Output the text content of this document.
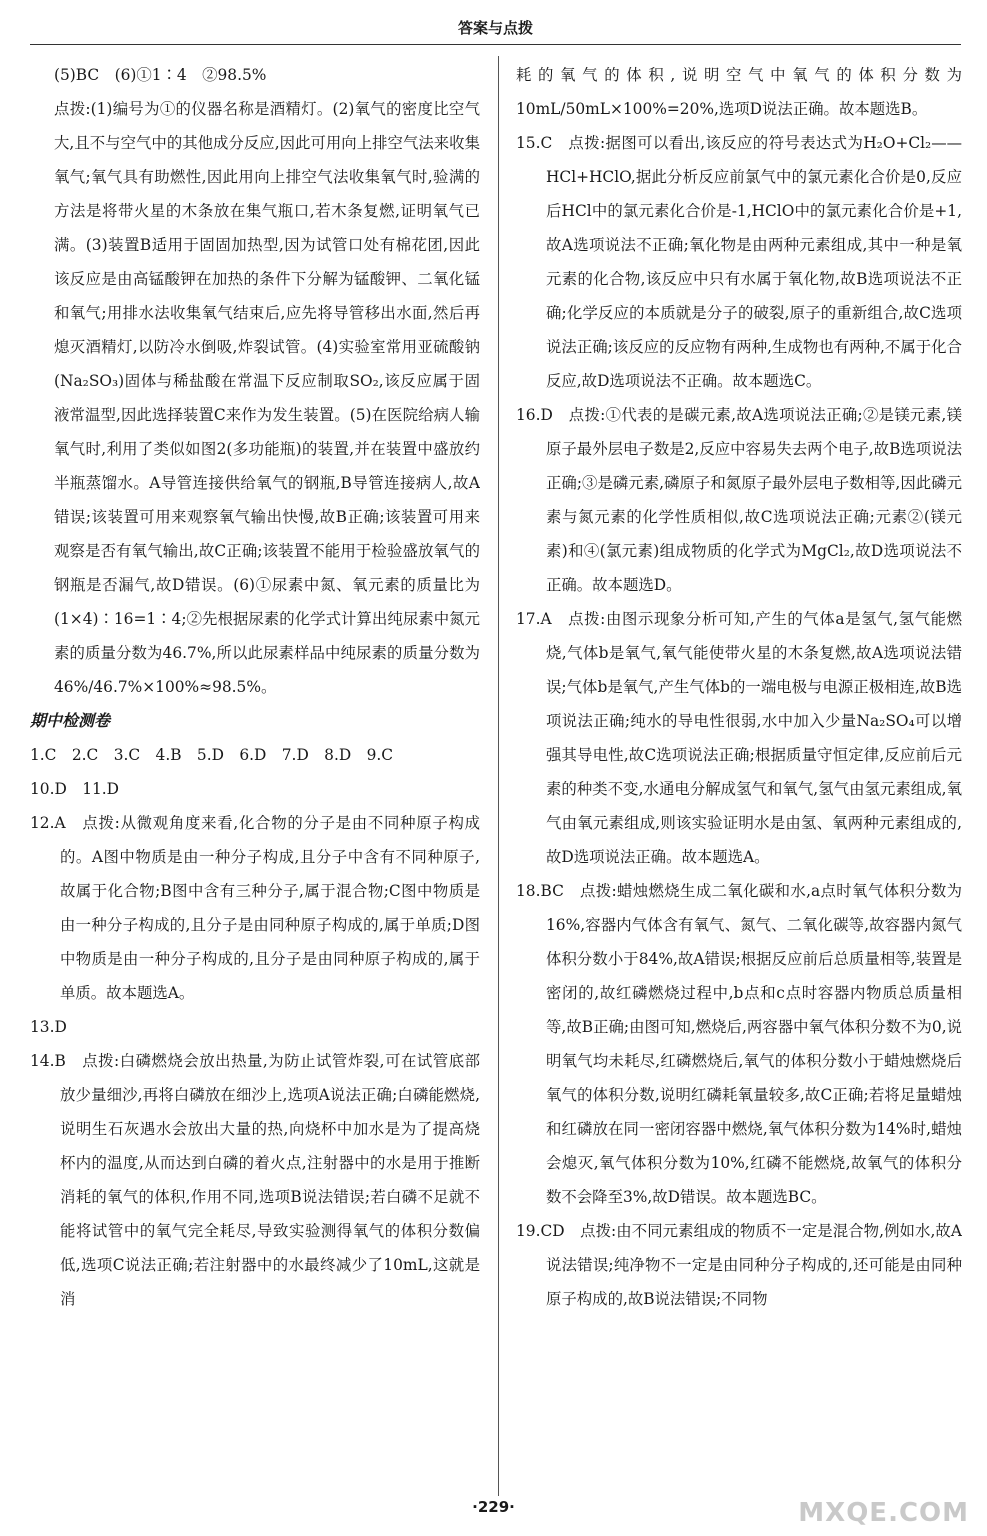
答案与点拨

(5)BC　(6)①1∶4　②98.5%

点拨:(1)编号为①的仪器名称是酒精灯。(2)氧气的密度比空气大,且不与空气中的其他成分反应,因此可用向上排空气法来收集氧气;氧气具有助燃性,因此用向上排空气法收集氧气时,验满的方法是将带火星的木条放在集气瓶口,若木条复燃,证明氧气已满。(3)装置B适用于固固加热型,因为试管口处有棉花团,因此该反应是由高锰酸钾在加热的条件下分解为锰酸钾、二氧化锰和氧气;用排水法收集氧气结束后,应先将导管移出水面,然后再熄灭酒精灯,以防冷水倒吸,炸裂试管。(4)实验室常用亚硫酸钠(Na₂SO₃)固体与稀盐酸在常温下反应制取SO₂,该反应属于固液常温型,因此选择装置C来作为发生装置。(5)在医院给病人输氧气时,利用了类似如图2(多功能瓶)的装置,并在装置中盛放约半瓶蒸馏水。A导管连接供给氧气的钢瓶,B导管连接病人,故A错误;该装置可用来观察氧气输出快慢,故B正确;该装置可用来观察是否有氧气输出,故C正确;该装置不能用于检验盛放氧气的钢瓶是否漏气,故D错误。(6)①尿素中氮、氧元素的质量比为(1×4)∶16=1∶4;②先根据尿素的化学式计算出纯尿素中氮元素的质量分数为46.7%,所以此尿素样品中纯尿素的质量分数为46%/46.7%×100%≈98.5%。

期中检测卷

1.C　2.C　3.C　4.B　5.D　6.D　7.D　8.D　9.C

10.D　11.D

12.A　点拨:从微观角度来看,化合物的分子是由不同种原子构成的。A图中物质是由一种分子构成,且分子中含有不同种原子,故属于化合物;B图中含有三种分子,属于混合物;C图中物质是由一种分子构成的,且分子是由同种原子构成的,属于单质;D图中物质是由一种分子构成的,且分子是由同种原子构成的,属于单质。故本题选A。

13.D

14.B　点拨:白磷燃烧会放出热量,为防止试管炸裂,可在试管底部放少量细沙,再将白磷放在细沙上,选项A说法正确;白磷能燃烧,说明生石灰遇水会放出大量的热,向烧杯中加水是为了提高烧杯内的温度,从而达到白磷的着火点,注射器中的水是用于推断消耗的氧气的体积,作用不同,选项B说法错误;若白磷不足就不能将试管中的氧气完全耗尽,导致实验测得氧气的体积分数偏低,选项C说法正确;若注射器中的水最终减少了10mL,这就是消

耗的氧气的体积,说明空气中氧气的体积分数为10mL/50mL×100%=20%,选项D说法正确。故本题选B。

15.C　点拨:据图可以看出,该反应的符号表达式为H₂O+Cl₂——HCl+HClO,据此分析反应前氯气中的氯元素化合价是0,反应后HCl中的氯元素化合价是-1,HClO中的氯元素化合价是+1,故A选项说法不正确;氧化物是由两种元素组成,其中一种是氧元素的化合物,该反应中只有水属于氧化物,故B选项说法不正确;化学反应的本质就是分子的破裂,原子的重新组合,故C选项说法正确;该反应的反应物有两种,生成物也有两种,不属于化合反应,故D选项说法不正确。故本题选C。

16.D　点拨:①代表的是碳元素,故A选项说法正确;②是镁元素,镁原子最外层电子数是2,反应中容易失去两个电子,故B选项说法正确;③是磷元素,磷原子和氮原子最外层电子数相等,因此磷元素与氮元素的化学性质相似,故C选项说法正确;元素②(镁元素)和④(氯元素)组成物质的化学式为MgCl₂,故D选项说法不正确。故本题选D。

17.A　点拨:由图示现象分析可知,产生的气体a是氢气,氢气能燃烧,气体b是氧气,氧气能使带火星的木条复燃,故A选项说法错误;气体b是氧气,产生气体b的一端电极与电源正极相连,故B选项说法正确;纯水的导电性很弱,水中加入少量Na₂SO₄可以增强其导电性,故C选项说法正确;根据质量守恒定律,反应前后元素的种类不变,水通电分解成氢气和氧气,氢气由氢元素组成,氧气由氧元素组成,则该实验证明水是由氢、氧两种元素组成的,故D选项说法正确。故本题选A。

18.BC　点拨:蜡烛燃烧生成二氧化碳和水,a点时氧气体积分数为16%,容器内气体含有氧气、氮气、二氧化碳等,故容器内氮气体积分数小于84%,故A错误;根据反应前后总质量相等,装置是密闭的,故红磷燃烧过程中,b点和c点时容器内物质总质量相等,故B正确;由图可知,燃烧后,两容器中氧气体积分数不为0,说明氧气均未耗尽,红磷燃烧后,氧气的体积分数小于蜡烛燃烧后氧气的体积分数,说明红磷耗氧量较多,故C正确;若将足量蜡烛和红磷放在同一密闭容器中燃烧,氧气体积分数为14%时,蜡烛会熄灭,氧气体积分数为10%,红磷不能燃烧,故氧气的体积分数不会降至3%,故D错误。故本题选BC。

19.CD　点拨:由不同元素组成的物质不一定是混合物,例如水,故A说法错误;纯净物不一定是由同种分子构成的,还可能是由同种原子构成的,故B说法错误;不同物

·229·	MXQE.COM
